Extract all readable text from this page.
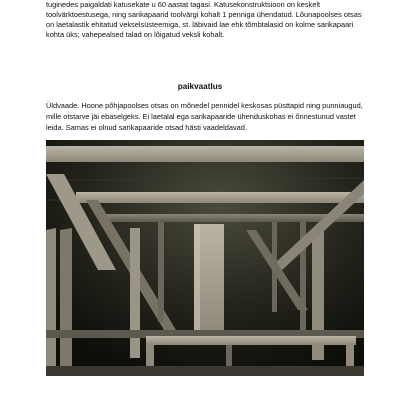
tuginedes paigaldati katusekate u 60 aastat tagasi. Katusekonstruktsioon on keskelt
toolvärktoestusega, ning sarikapaarid toolvärgi kohalt 1 penniga ühendatud. Lõunapoolses otsas
on laetalastik ehitatud vekselsüsteemiga, st. läbivaid lae ehk tõmbtalasid on kolme sarikapaari
kohta üks; vahepealsed talad on lõigatud veksli kohalt.
paikvaatlus
Üldvaade. Hoone põhjapoolses otsas on mõnedel pennidel keskosas püsttapid ning punniaugud,
mille otstarve jäi ebaselgeks. Ei laetalal ega sarikapaaride ühenduskohas ei õnnestunud vastet
leida. Samas ei olnud sarikapaaride otsad hästi vaadeldavad.
